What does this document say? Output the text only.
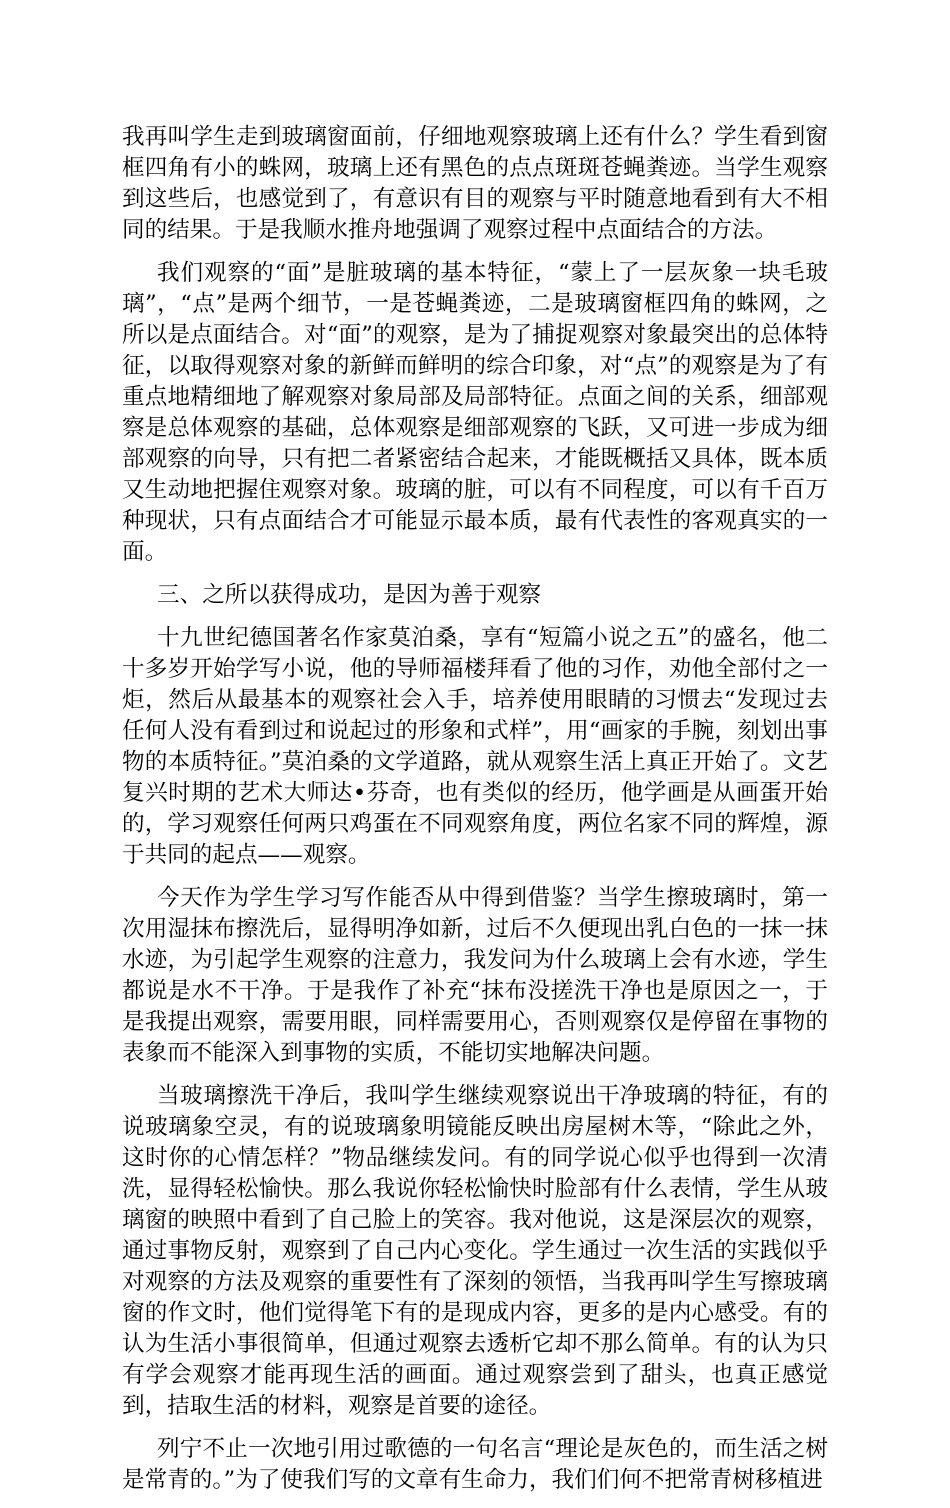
我再叫学生走到玻璃窗面前，仔细地观察玻璃上还有什么？学生看到窗框四角有小的蛛网，玻璃上还有黑色的点点斑斑苍蝇粪迹。当学生观察到这些后，也感觉到了，有意识有目的观察与平时随意地看到有大不相同的结果。于是我顺水推舟地强调了观察过程中点面结合的方法。

我们观察的“面”是脏玻璃的基本特征，“蒙上了一层灰象一块毛玻璃”，“点”是两个细节，一是苍蝇粪迹，二是玻璃窗框四角的蛛网，之所以是点面结合。对“面”的观察，是为了捕捉观察对象最突出的总体特征，以取得观察对象的新鲜而鲜明的综合印象，对“点”的观察是为了有重点地精细地了解观察对象局部及局部特征。点面之间的关系，细部观察是总体观察的基础，总体观察是细部观察的飞跃，又可进一步成为细部观察的向导，只有把二者紧密结合起来，才能既概括又具体，既本质又生动地把握住观察对象。玻璃的脏，可以有不同程度，可以有千百万种现状，只有点面结合才可能显示最本质，最有代表性的客观真实的一面。

三、之所以获得成功，是因为善于观察

十九世纪德国著名作家莫泊桑，享有“短篇小说之五”的盛名，他二十多岁开始学写小说，他的导师福楼拜看了他的习作，劝他全部付之一炬，然后从最基本的观察社会入手，培养使用眼睛的习惯去“发现过去任何人没有看到过和说起过的形象和式样”，用“画家的手腕，刻划出事物的本质特征。”莫泊桑的文学道路，就从观察生活上真正开始了。文艺复兴时期的艺术大师达•芬奇，也有类似的经历，他学画是从画蛋开始的，学习观察任何两只鸡蛋在不同观察角度，两位名家不同的辉煌，源于共同的起点——观察。

今天作为学生学习写作能否从中得到借鉴？当学生擦玻璃时，第一次用湿抹布擦洗后，显得明净如新，过后不久便现出乳白色的一抹一抹水迹，为引起学生观察的注意力，我发问为什么玻璃上会有水迹，学生都说是水不干净。于是我作了补充“抹布没搓洗干净也是原因之一，于是我提出观察，需要用眼，同样需要用心，否则观察仅是停留在事物的表象而不能深入到事物的实质，不能切实地解决问题。

当玻璃擦洗干净后，我叫学生继续观察说出干净玻璃的特征，有的说玻璃象空灵，有的说玻璃象明镜能反映出房屋树木等，“除此之外，这时你的心情怎样？”物品继续发问。有的同学说心似乎也得到一次清洗，显得轻松愉快。那么我说你轻松愉快时脸部有什么表情，学生从玻璃窗的映照中看到了自己脸上的笑容。我对他说，这是深层次的观察，通过事物反射，观察到了自己内心变化。学生通过一次生活的实践似乎对观察的方法及观察的重要性有了深刻的领悟，当我再叫学生写擦玻璃窗的作文时，他们觉得笔下有的是现成内容，更多的是内心感受。有的认为生活小事很简单，但通过观察去透析它却不那么简单。有的认为只有学会观察才能再现生活的画面。通过观察尝到了甜头，也真正感觉到，拮取生活的材料，观察是首要的途径。

列宁不止一次地引用过歌德的一句名言“理论是灰色的，而生活之树是常青的。”为了使我们写的文章有生命力，我们们何不把常青树移植进
